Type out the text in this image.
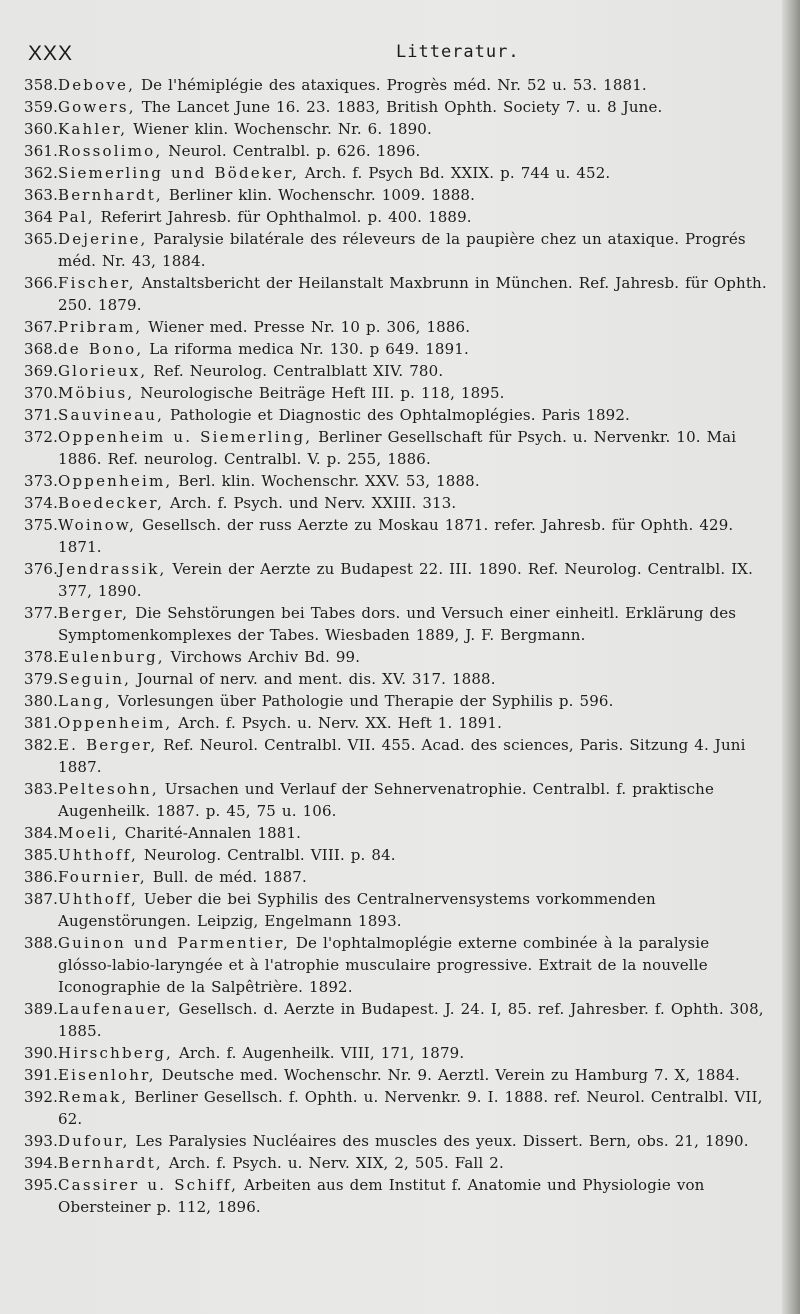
XXX	Litteratur.
358. Debove, De l'hémiplégie des ataxiques. Progrès méd. Nr. 52 u. 53. 1881.
359. Gowers, The Lancet June 16. 23. 1883, British Ophth. Society 7. u. 8 June.
360. Kahler, Wiener klin. Wochenschr. Nr. 6. 1890.
361. Rossolimo, Neurol. Centralbl. p. 626. 1896.
362. Siemerling und Bödeker, Arch. f. Psych Bd. XXIX. p. 744 u. 452.
363. Bernhardt, Berliner klin. Wochenschr. 1009. 1888.
364 Pal, Referirt Jahresb. für Ophthalmol. p. 400. 1889.
365. Dejerine, Paralysie bilatérale des réleveurs de la paupière chez un ataxique. Progrés méd. Nr. 43, 1884.
366. Fischer, Anstaltsbericht der Heilanstalt Maxbrunn in München. Ref. Jahresb. für Ophth. 250. 1879.
367. Pribram, Wiener med. Presse Nr. 10 p. 306, 1886.
368. de Bono, La riforma medica Nr. 130. p 649. 1891.
369. Glorieux, Ref. Neurolog. Centralblatt XIV. 780.
370. Möbius, Neurologische Beiträge Heft III. p. 118, 1895.
371. Sauvineau, Pathologie et Diagnostic des Ophtalmoplégies. Paris 1892.
372. Oppenheim u. Siemerling, Berliner Gesellschaft für Psych. u. Nervenkr. 10. Mai 1886. Ref. neurolog. Centralbl. V. p. 255, 1886.
373. Oppenheim, Berl. klin. Wochenschr. XXV. 53, 1888.
374. Boedecker, Arch. f. Psych. und Nerv. XXIII. 313.
375. Woinow, Gesellsch. der russ Aerzte zu Moskau 1871. refer. Jahresb. für Ophth. 429. 1871.
376. Jendrassik, Verein der Aerzte zu Budapest 22. III. 1890. Ref. Neurolog. Centralbl. IX. 377, 1890.
377. Berger, Die Sehstörungen bei Tabes dors. und Versuch einer einheitl. Erklärung des Symptomenkomplexes der Tabes. Wiesbaden 1889, J. F. Bergmann.
378. Eulenburg, Virchows Archiv Bd. 99.
379. Seguin, Journal of nerv. and ment. dis. XV. 317. 1888.
380. Lang, Vorlesungen über Pathologie und Therapie der Syphilis p. 596.
381. Oppenheim, Arch. f. Psych. u. Nerv. XX. Heft 1. 1891.
382. E. Berger, Ref. Neurol. Centralbl. VII. 455. Acad. des sciences, Paris. Sitzung 4. Juni 1887.
383. Peltesohn, Ursachen und Verlauf der Sehnervenatrophie. Centralbl. f. praktische Augenheilk. 1887. p. 45, 75 u. 106.
384. Moeli, Charité-Annalen 1881.
385. Uhthoff, Neurolog. Centralbl. VIII. p. 84.
386. Fournier, Bull. de méd. 1887.
387. Uhthoff, Ueber die bei Syphilis des Centralnervensystems vorkommenden Augenstörungen. Leipzig, Engelmann 1893.
388. Guinon und Parmentier, De l'ophtalmoplégie externe combinée à la paralysie glósso-labio-laryngée et à l'atrophie musculaire progressive. Extrait de la nouvelle Iconographie de la Salpêtrière. 1892.
389. Laufenauer, Gesellsch. d. Aerzte in Budapest. J. 24. I, 85. ref. Jahresber. f. Ophth. 308, 1885.
390. Hirschberg, Arch. f. Augenheilk. VIII, 171, 1879.
391. Eisenlohr, Deutsche med. Wochenschr. Nr. 9. Aerztl. Verein zu Hamburg 7. X, 1884.
392. Remak, Berliner Gesellsch. f. Ophth. u. Nervenkr. 9. I. 1888. ref. Neurol. Centralbl. VII, 62.
393. Dufour, Les Paralysies Nucléaires des muscles des yeux. Dissert. Bern, obs. 21, 1890.
394. Bernhardt, Arch. f. Psych. u. Nerv. XIX, 2, 505. Fall 2.
395. Cassirer u. Schiff, Arbeiten aus dem Institut f. Anatomie und Physiologie von Obersteiner p. 112, 1896.
